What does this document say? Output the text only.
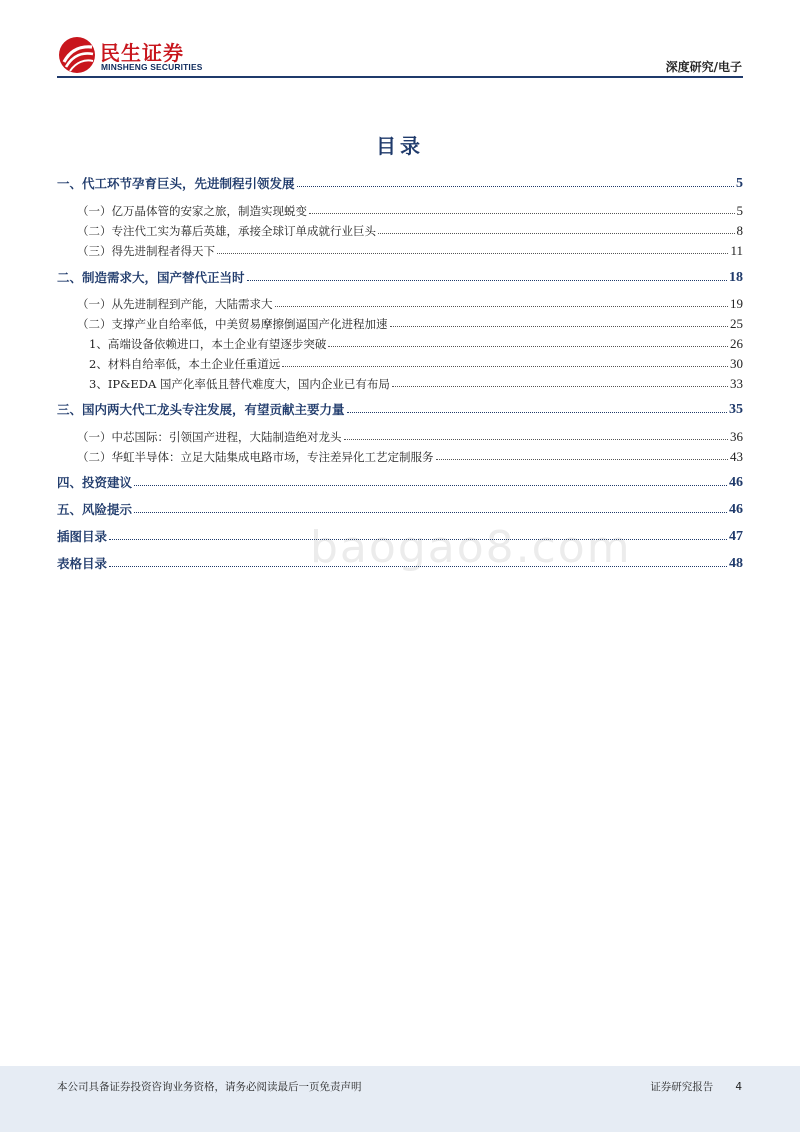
民生证券
MINSHENG SECURITIES	深度研究/电子
目录
baogao8.com
一、代工环节孕育巨头，先进制程引领发展	5
（一）亿万晶体管的安家之旅，制造实现蜕变	5
（二）专注代工实为幕后英雄，承接全球订单成就行业巨头	8
（三）得先进制程者得天下	11
二、制造需求大，国产替代正当时	18
（一）从先进制程到产能，大陆需求大	19
（二）支撑产业自给率低，中美贸易摩擦倒逼国产化进程加速	25
1、高端设备依赖进口，本土企业有望逐步突破	26
2、材料自给率低，本土企业任重道远	30
3、IP&EDA 国产化率低且替代难度大，国内企业已有布局	33
三、国内两大代工龙头专注发展，有望贡献主要力量	35
（一）中芯国际：引领国产进程，大陆制造绝对龙头	36
（二）华虹半导体：立足大陆集成电路市场，专注差异化工艺定制服务	43
四、投资建议	46
五、风险提示	46
插图目录	47
表格目录	48
本公司具备证券投资咨询业务资格，请务必阅读最后一页免责声明	证券研究报告 4
